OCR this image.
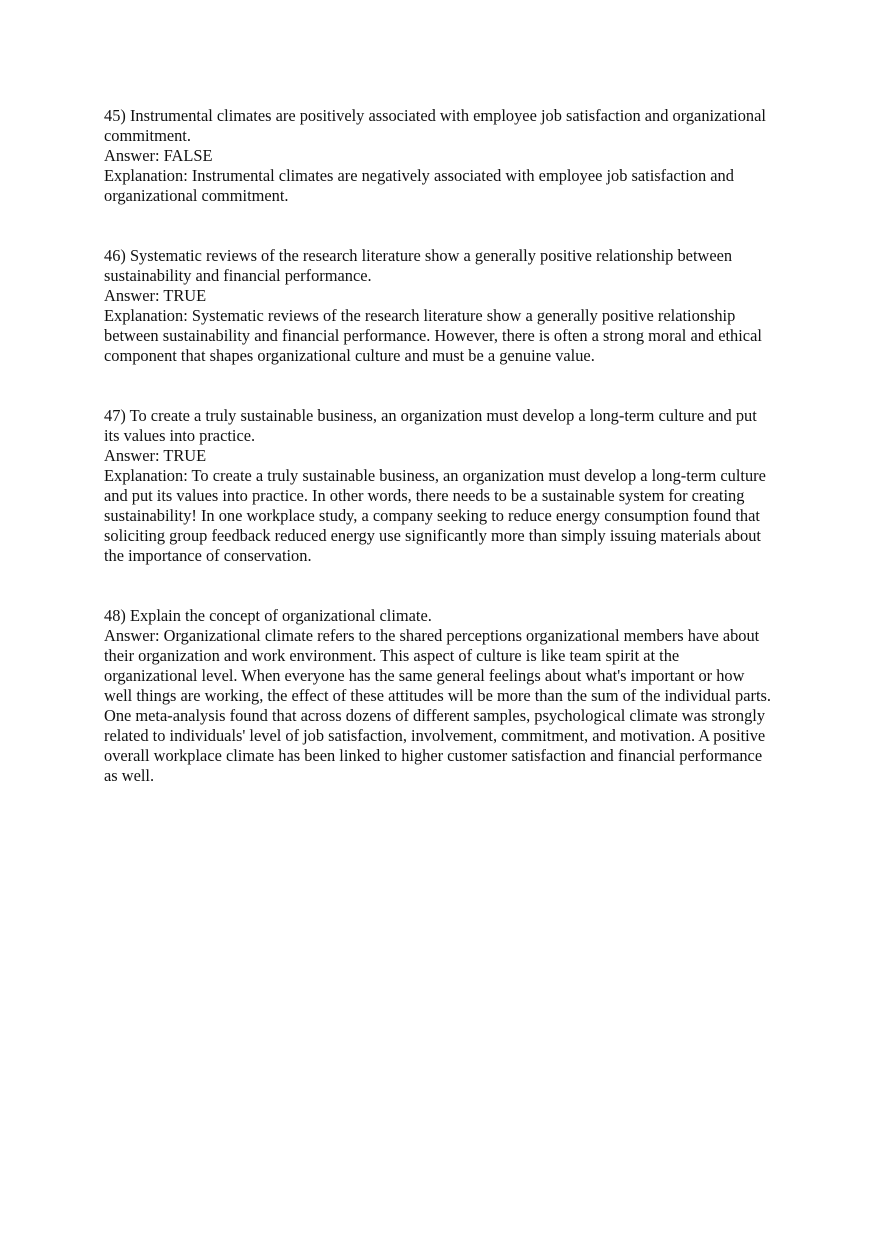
45) Instrumental climates are positively associated with employee job satisfaction and organizational commitment.

Answer: FALSE

Explanation: Instrumental climates are negatively associated with employee job satisfaction and organizational commitment.

46) Systematic reviews of the research literature show a generally positive relationship between sustainability and financial performance.

Answer: TRUE

Explanation: Systematic reviews of the research literature show a generally positive relationship between sustainability and financial performance. However, there is often a strong moral and ethical component that shapes organizational culture and must be a genuine value.

47) To create a truly sustainable business, an organization must develop a long-term culture and put its values into practice.

Answer: TRUE

Explanation: To create a truly sustainable business, an organization must develop a long-term culture and put its values into practice. In other words, there needs to be a sustainable system for creating sustainability! In one workplace study, a company seeking to reduce energy consumption found that soliciting group feedback reduced energy use significantly more than simply issuing materials about the importance of conservation.

48) Explain the concept of organizational climate.

Answer: Organizational climate refers to the shared perceptions organizational members have about their organization and work environment. This aspect of culture is like team spirit at the organizational level. When everyone has the same general feelings about what's important or how well things are working, the effect of these attitudes will be more than the sum of the individual parts. One meta-analysis found that across dozens of different samples, psychological climate was strongly related to individuals' level of job satisfaction, involvement, commitment, and motivation. A positive overall workplace climate has been linked to higher customer satisfaction and financial performance as well.
